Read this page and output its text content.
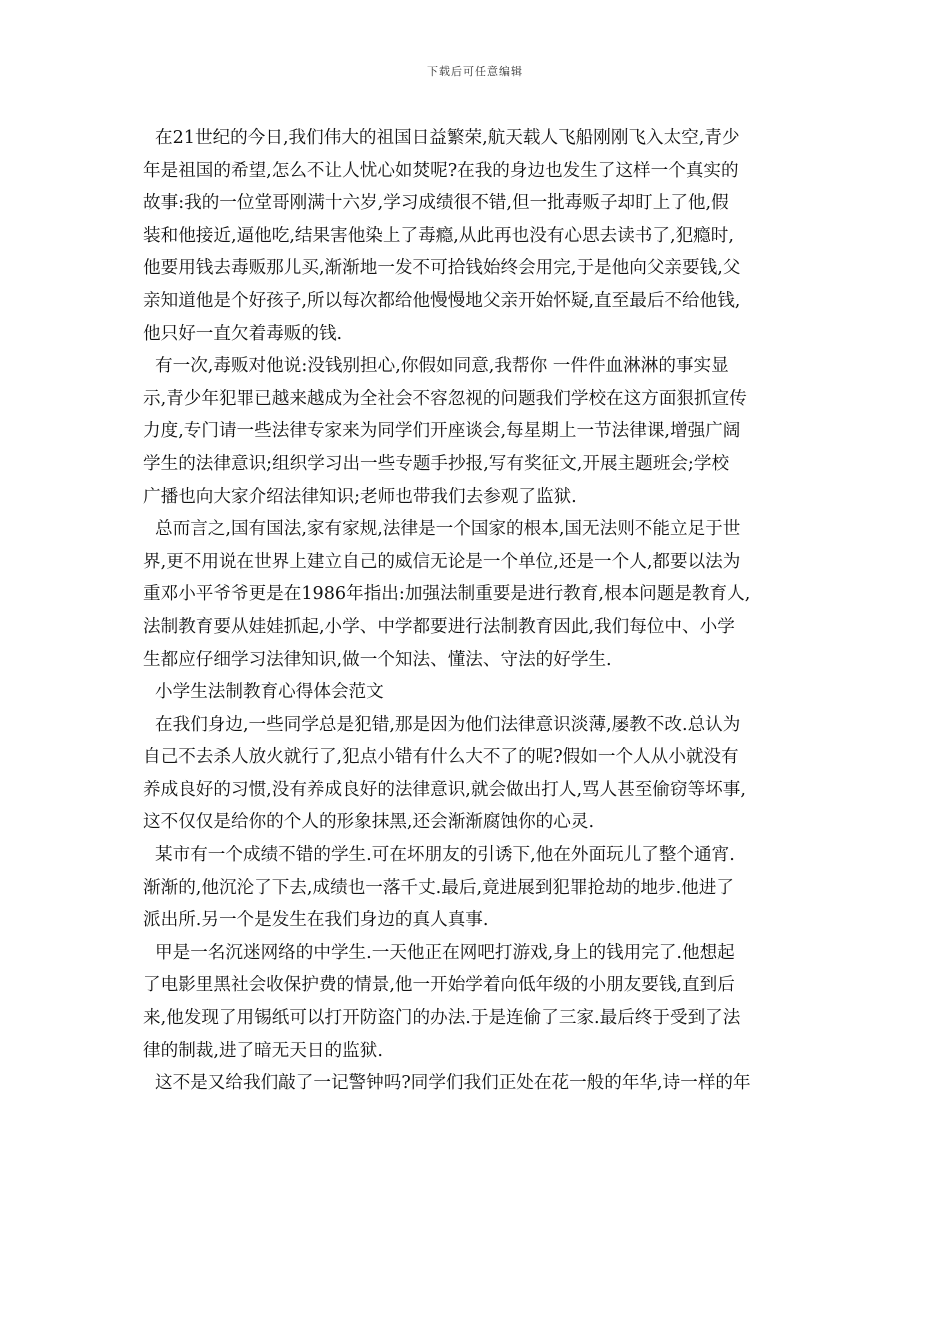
下载后可任意编辑
在21世纪的今日,我们伟大的祖国日益繁荣,航天载人飞船刚刚飞入太空,青少
年是祖国的希望,怎么不让人忧心如焚呢?在我的身边也发生了这样一个真实的
故事:我的一位堂哥刚满十六岁,学习成绩很不错,但一批毒贩子却盯上了他,假
装和他接近,逼他吃,结果害他染上了毒瘾,从此再也没有心思去读书了,犯瘾时,
他要用钱去毒贩那儿买,渐渐地一发不可拾钱始终会用完,于是他向父亲要钱,父
亲知道他是个好孩子,所以每次都给他慢慢地父亲开始怀疑,直至最后不给他钱,
他只好一直欠着毒贩的钱.
有一次,毒贩对他说:没钱别担心,你假如同意,我帮你 一件件血淋淋的事实显
示,青少年犯罪已越来越成为全社会不容忽视的问题我们学校在这方面狠抓宣传
力度,专门请一些法律专家来为同学们开座谈会,每星期上一节法律课,增强广阔
学生的法律意识;组织学习出一些专题手抄报,写有奖征文,开展主题班会;学校
广播也向大家介绍法律知识;老师也带我们去参观了监狱.
总而言之,国有国法,家有家规,法律是一个国家的根本,国无法则不能立足于世
界,更不用说在世界上建立自己的威信无论是一个单位,还是一个人,都要以法为
重邓小平爷爷更是在1986年指出:加强法制重要是进行教育,根本问题是教育人,
法制教育要从娃娃抓起,小学、中学都要进行法制教育因此,我们每位中、小学
生都应仔细学习法律知识,做一个知法、懂法、守法的好学生.
小学生法制教育心得体会范文
在我们身边,一些同学总是犯错,那是因为他们法律意识淡薄,屡教不改.总认为
自己不去杀人放火就行了,犯点小错有什么大不了的呢?假如一个人从小就没有
养成良好的习惯,没有养成良好的法律意识,就会做出打人,骂人甚至偷窃等坏事,
这不仅仅是给你的个人的形象抹黑,还会渐渐腐蚀你的心灵.
某市有一个成绩不错的学生.可在坏朋友的引诱下,他在外面玩儿了整个通宵.
渐渐的,他沉沦了下去,成绩也一落千丈.最后,竟进展到犯罪抢劫的地步.他进了
派出所.另一个是发生在我们身边的真人真事.
甲是一名沉迷网络的中学生.一天他正在网吧打游戏,身上的钱用完了.他想起
了电影里黑社会收保护费的情景,他一开始学着向低年级的小朋友要钱,直到后
来,他发现了用锡纸可以打开防盗门的办法.于是连偷了三家.最后终于受到了法
律的制裁,进了暗无天日的监狱.
这不是又给我们敲了一记警钟吗?同学们我们正处在花一般的年华,诗一样的年
